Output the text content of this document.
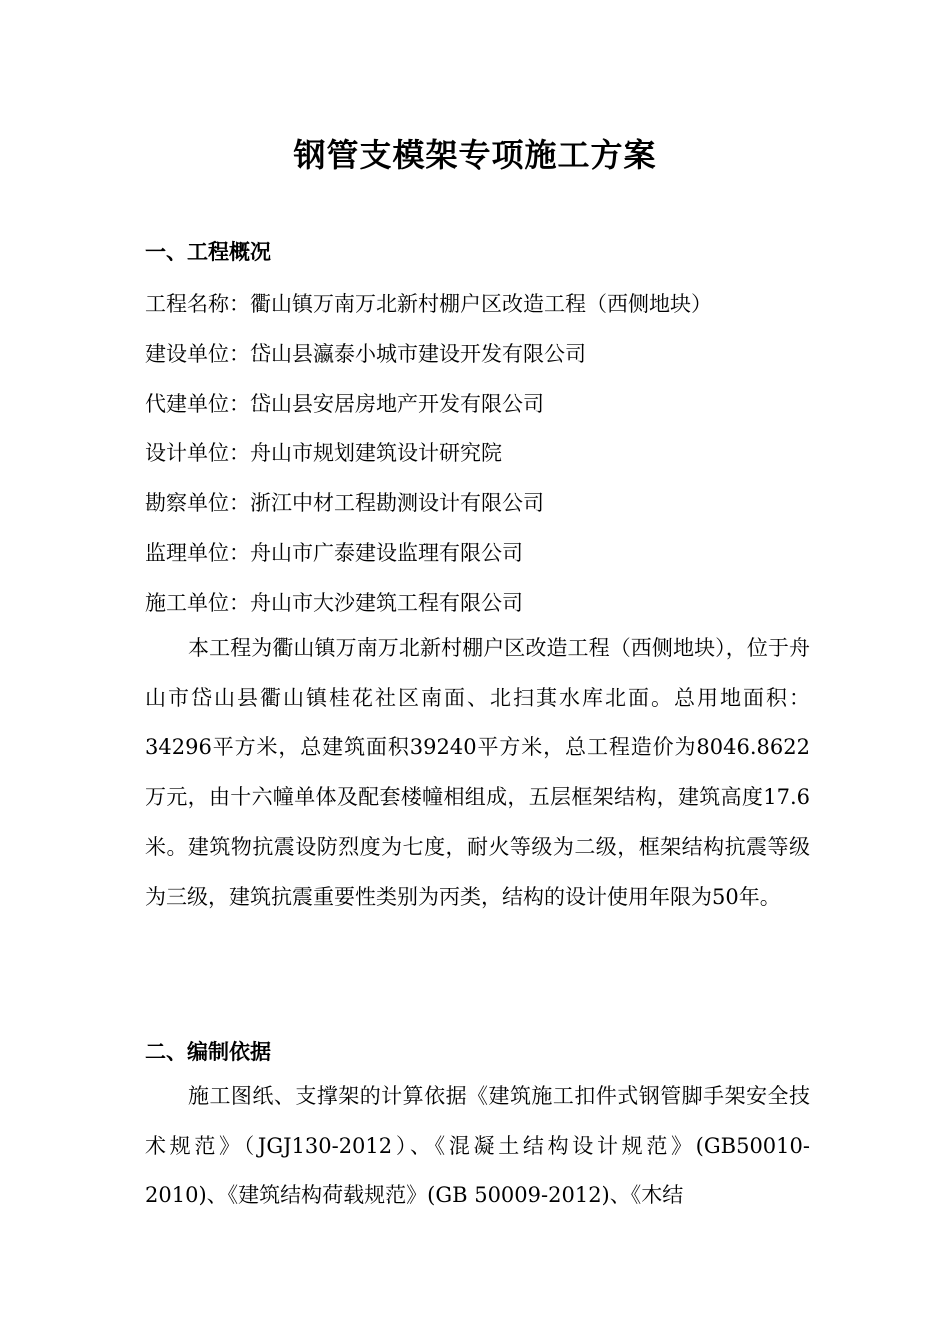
钢管支模架专项施工方案
一、工程概况
工程名称：衢山镇万南万北新村棚户区改造工程（西侧地块）
建设单位：岱山县瀛泰小城市建设开发有限公司
代建单位：岱山县安居房地产开发有限公司
设计单位：舟山市规划建筑设计研究院
勘察单位：浙江中材工程勘测设计有限公司
监理单位：舟山市广泰建设监理有限公司
施工单位：舟山市大沙建筑工程有限公司
本工程为衢山镇万南万北新村棚户区改造工程（西侧地块），位于舟山市岱山县衢山镇桂花社区南面、北扫萁水库北面。总用地面积：34296平方米，总建筑面积39240平方米，总工程造价为8046.8622万元，由十六幢单体及配套楼幢相组成，五层框架结构，建筑高度17.6米。建筑物抗震设防烈度为七度，耐火等级为二级，框架结构抗震等级为三级，建筑抗震重要性类别为丙类，结构的设计使用年限为50年。
二、编制依据
施工图纸、支撑架的计算依据《建筑施工扣件式钢管脚手架安全技术规范》（JGJ130-2012）、《混凝土结构设计规范》(GB50010-2010)、《建筑结构荷载规范》(GB 50009-2012)、《木结
